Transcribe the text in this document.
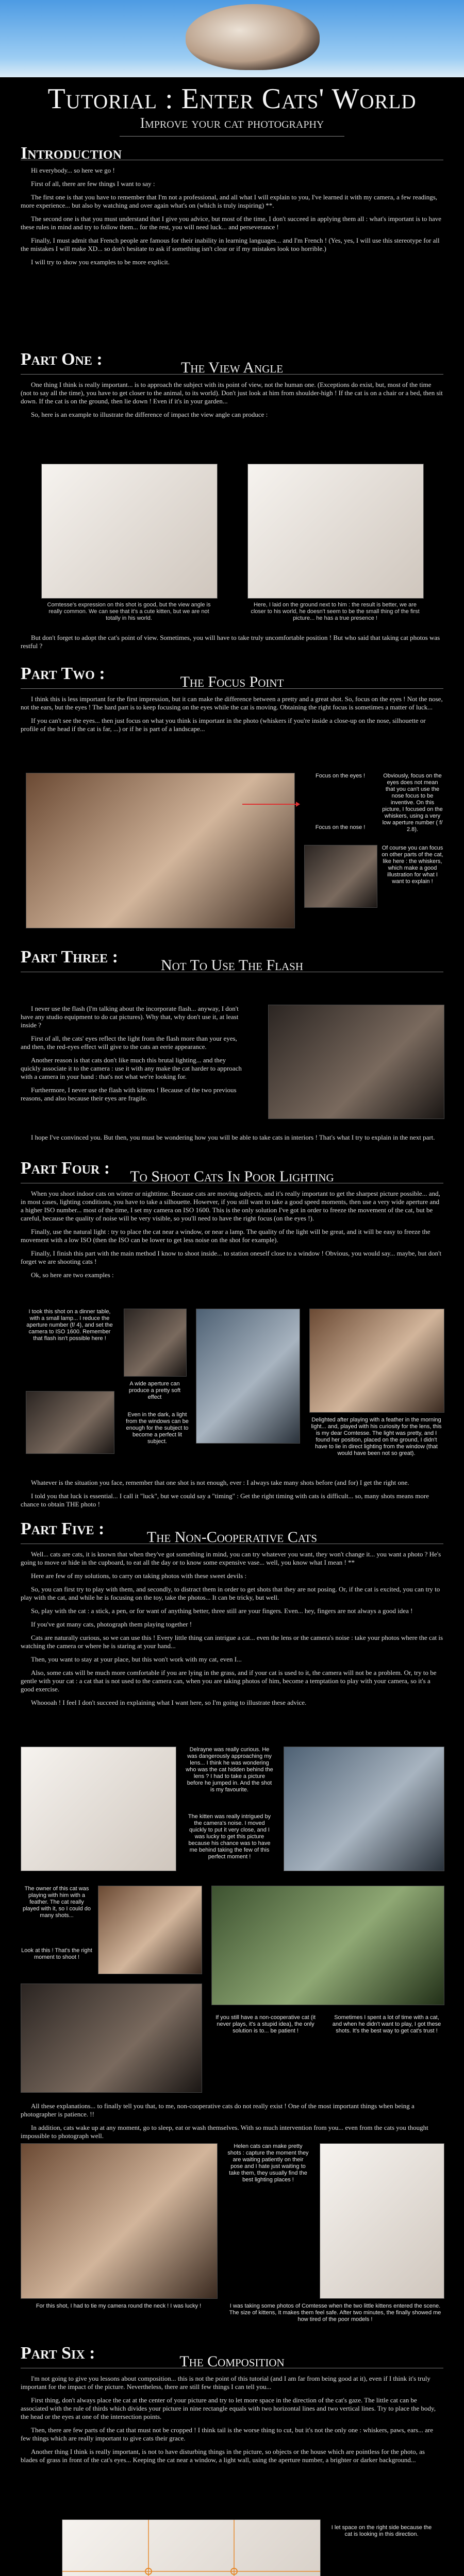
Tutorial : Enter Cats' World

Improve your cat photography

Introduction

Hi everybody... so here we go !

First of all, there are few things I want to say :

The first one is that you have to remember that I'm not a professional, and all what I will explain to you, I've learned it with my camera, a few readings, more experience... but also by watching and over again what's on (which is truly inspiring) **.

The second one is that you must understand that I give you advice, but most of the time, I don't succeed in applying them all : what's important is to have these rules in mind and try to follow them... for the rest, you will need luck... and perseverance !

Finally, I must admit that French people are famous for their inability in learning languages... and I'm French ! (Yes, yes, I will use this stereotype for all the mistakes I will make XD... so don't hesitate to ask if something isn't clear or if my mistakes look too horrible.)

I will try to show you examples to be more explicit.

Part One :	The View Angle

One thing I think is really important... is to approach the subject with its point of view, not the human one. (Exceptions do exist, but, most of the time (not to say all the time), you have to get closer to the animal, to its world). Don't just look at him from shoulder-high ! If the cat is on a chair or a bed, then sit down. If the cat is on the ground, then lie down ! Even if it's in your garden...

So, here is an example to illustrate the difference of impact the view angle can produce :

Comtesse's expression on this shot is good, but the view angle is really common. We can see that it's a cute kitten, but we are not totally in his world.
Here, I laid on the ground next to him : the result is better, we are closer to his world, he doesn't seem to be the small thing of the first picture... he has a true presence !

But don't forget to adopt the cat's point of view. Sometimes, you will have to take truly uncomfortable position ! But who said that taking cat photos was restful ?

Part Two :	The Focus Point

I think this is less important for the first impression, but it can make the difference between a pretty and a great shot. So, focus on the eyes ! Not the nose, not the ears, but the eyes ! The hard part is to keep focusing on the eyes while the cat is moving. Obtaining the right focus is sometimes a matter of luck...

If you can't see the eyes... then just focus on what you think is important in the photo (whiskers if you're inside a close-up on the nose, silhouette or profile of the head if the cat is far, ...) or if he is part of a landscape...

Focus on the eyes !
Focus on the nose !
Obviously, focus on the eyes does not mean that you can't use the nose focus to be inventive. On this picture, I focused on the whiskers, using a very low aperture number ( f/ 2.8).
Of course you can focus on other parts of the cat, like here : the whiskers, which make a good illustration for what I want to explain !

Part Three :	Not To Use The Flash

I never use the flash (I'm talking about the incorporate flash... anyway, I don't have any studio equipment to do cat pictures). Why that, why don't use it, at least inside ?

First of all, the cats' eyes reflect the light from the flash more than your eyes, and then, the red-eyes effect will give to the cats an eerie appearance.

Another reason is that cats don't like much this brutal lighting... and they quickly associate it to the camera : use it with any make the cat harder to approach with a camera in your hand : that's not what we're looking for.

Furthermore, I never use the flash with kittens ! Because of the two previous reasons, and also because their eyes are fragile.

I hope I've convinced you. But then, you must be wondering how you will be able to take cats in interiors ! That's what I try to explain in the next part.

Part Four :	To Shoot Cats In Poor Lighting

When you shoot indoor cats on winter or nighttime. Because cats are moving subjects, and it's really important to get the sharpest picture possible... and, in most cases, lighting conditions, you have to take a silhouette. However, if you still want to take a good speed moments, then use a very wide aperture and a higher ISO number... most of the time, I set my camera on ISO 1600. This is the only solution I've got in order to freeze the movement of the cat, but be careful, because the quality of noise will be very visible, so you'll need to have the right focus (on the eyes !).

Finally, use the natural light : try to place the cat near a window, or near a lamp. The quality of the light will be great, and it will be easy to freeze the movement with a low ISO (then the ISO can be lower to get less noise on the shot for example).

Finally, I finish this part with the main method I know to shoot inside... to station oneself close to a window ! Obvious, you would say... maybe, but don't forget we are shooting cats !

Ok, so here are two examples :

I took this shot on a dinner table, with a small lamp... I reduce the aperture number (f/ 4), and set the camera to ISO 1600. Remember that flash isn't possible here !
A wide aperture can produce a pretty soft effect
Even in the dark, a light from the windows can be enough for the subject to become a perfect lit subject.
Delighted after playing with a feather in the morning light... and, played with his curiosity for the lens, this is my dear Comtesse. The light was pretty, and I found her position, placed on the ground, I didn't have to lie in direct lighting from the window (that would have been not so great).

Whatever is the situation you face, remember that one shot is not enough, ever : I always take many shots before (and for) I get the right one.

I told you that luck is essential... I call it "luck", but we could say a "timing" : Get the right timing with cats is difficult... so, many shots means more chance to obtain THE photo !

Part Five :	The Non-Cooperative Cats

Well... cats are cats, it is known that when they've got something in mind, you can try whatever you want, they won't change it... you want a photo ? He's going to move or hide in the cupboard, to eat all the day or to know some expensive vase... well, you know what I mean ! **

Here are few of my solutions, to carry on taking photos with these sweet devils :

So, you can first try to play with them, and secondly, to distract them in order to get shots that they are not posing. Or, if the cat is excited, you can try to play with the cat, and while he is focusing on the toy, take the photos... It can be tricky, but well.

So, play with the cat : a stick, a pen, or for want of anything better, three still are your fingers. Even... hey, fingers are not always a good idea !

If you've got many cats, photograph them playing together !

Cats are naturally curious, so we can use this ! Every little thing can intrigue a cat... even the lens or the camera's noise : take your photos where the cat is watching the camera or where he is staring at your hand...

Then, you want to stay at your place, but this won't work with my cat, even I...

Also, some cats will be much more comfortable if you are lying in the grass, and if your cat is used to it, the camera will not be a problem. Or, try to be gentle with your cat : a cat that is not used to the camera can, when you are taking photos of him, become a temptation to play with your camera, so it's a good exercise.

Whoooah ! I feel I don't succeed in explaining what I want here, so I'm going to illustrate these advice.

Delrayne was really curious. He was dangerously approaching my lens... I think he was wondering who was the cat hidden behind the lens ? I had to take a picture before he jumped in. And the shot is my favourite.
The kitten was really intrigued by the camera's noise. I moved quickly to put it very close, and I was lucky to get this picture because his chance was to have me behind taking the few of this perfect moment !
The owner of this cat was playing with him with a feather. The cat really played with it, so I could do many shots...
Look at this ! That's the right moment to shoot !
If you still have a non-cooperative cat (it never plays, it's a stupid idea), the only solution is to... be patient !
Sometimes I spent a lot of time with a cat, and when he didn't want to play, I got these shots. It's the best way to get cat's trust !

All these explanations... to finally tell you that, to me, non-cooperative cats do not really exist ! One of the most important things when being a photographer is patience. !!

In addition, cats wake up at any moment, go to sleep, eat or wash themselves. With so much intervention from you... even from the cats you thought impossible to photograph well.

Helen cats can make pretty shots : capture the moment they are waiting patiently on their pose and I hate just waiting to take them, they usually find the best lighting places !
For this shot, I had to tie my camera round the neck ! I was lucky !	I was taking some photos of Comtesse when the two little kittens entered the scene. The size of kittens, It makes them feel safe. After two minutes, the finally showed me how tired of the poor models !

Part Six :	The Composition

I'm not going to give you lessons about composition... this is not the point of this tutorial (and I am far from being good at it), even if I think it's truly important for the impact of the picture. Nevertheless, there are still few things I can tell you...

First thing, don't always place the cat at the center of your picture and try to let more space in the direction of the cat's gaze. The little cat can be associated with the rule of thirds which divides your picture in nine rectangle equals with two horizontal lines and two vertical lines. Try to place the body, the head or the eyes at one of the intersection points.

Then, there are few parts of the cat that must not be cropped ! I think tail is the worse thing to cut, but it's not the only one : whiskers, paws, ears... are few things which are really important to give cats their grace.

Another thing I think is really important, is not to have disturbing things in the picture, so objects or the house which are pointless for the photo, as blades of grass in front of the cat's eyes... Keeping the cat near a window, a light wall, using the aperture number, a brighter or darker background...

I let space on the right side because the cat is looking in this direction.
